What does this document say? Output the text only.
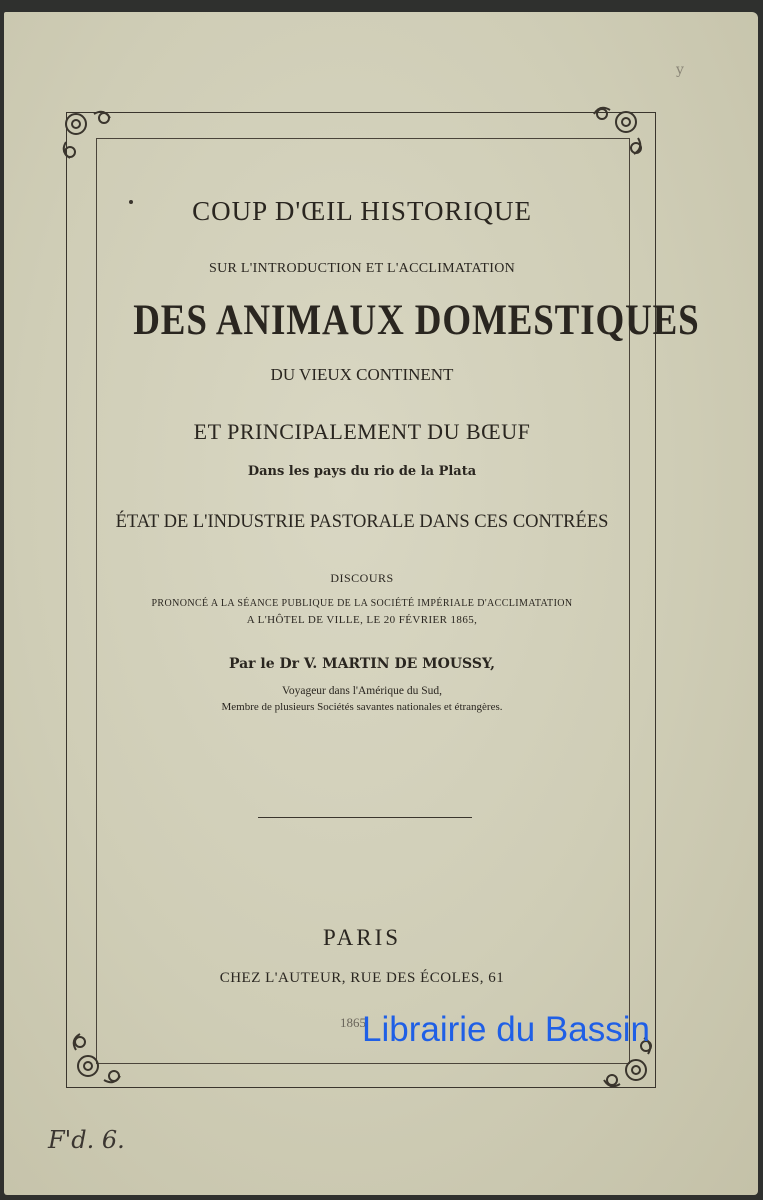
y

COUP D'ŒIL HISTORIQUE

SUR L'INTRODUCTION ET L'ACCLIMATATION

DES ANIMAUX DOMESTIQUES

DU VIEUX CONTINENT

ET PRINCIPALEMENT DU BŒUF

Dans les pays du rio de la Plata

ÉTAT DE L'INDUSTRIE PASTORALE DANS CES CONTRÉES

DISCOURS

PRONONCÉ A LA SÉANCE PUBLIQUE DE LA SOCIÉTÉ IMPÉRIALE D'ACCLIMATATION

A L'HÔTEL DE VILLE, LE 20 FÉVRIER 1865,

Par le Dr V. MARTIN DE MOUSSY,

Voyageur dans l'Amérique du Sud,

Membre de plusieurs Sociétés savantes nationales et étrangères.

PARIS

CHEZ L'AUTEUR, RUE DES ÉCOLES, 61

1865

Librairie du Bassin

F'd. 6.
